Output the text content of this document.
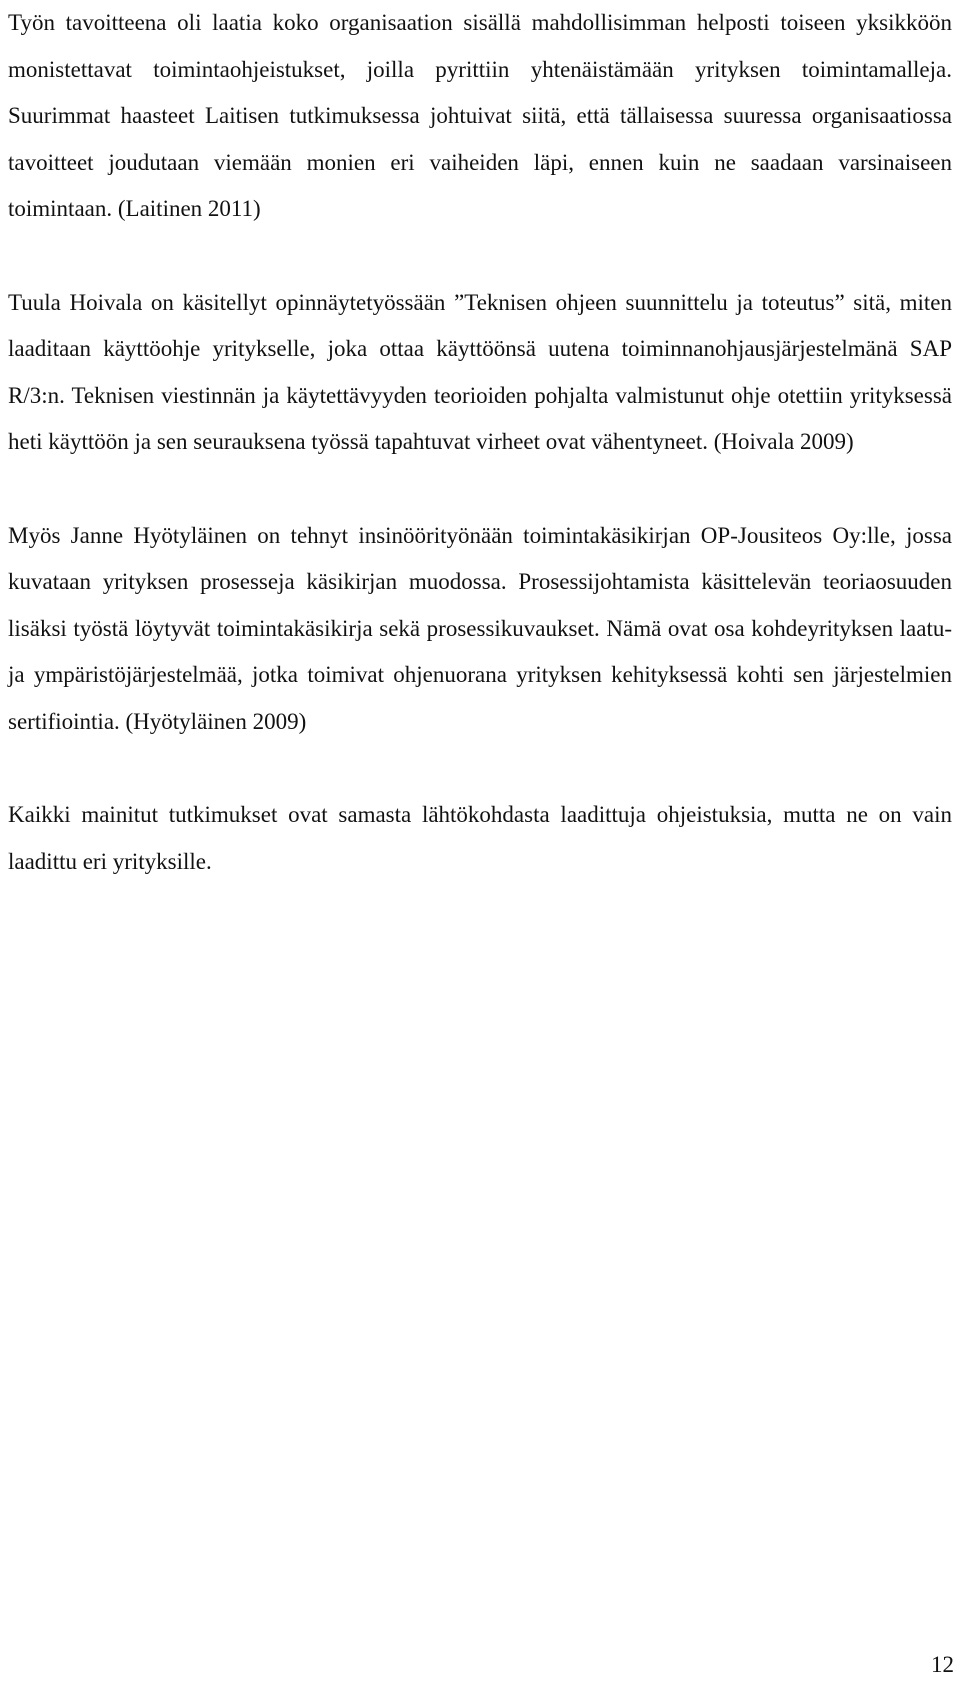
Työn tavoitteena oli laatia koko organisaation sisällä mahdollisimman helposti toiseen yksikköön monistettavat toimintaohjeistukset, joilla pyrittiin yhtenäistämään yrityksen toimintamalleja. Suurimmat haasteet Laitisen tutkimuksessa johtuivat siitä, että tällaisessa suuressa organisaatiossa tavoitteet joudutaan viemään monien eri vaiheiden läpi, ennen kuin ne saadaan varsinaiseen toimintaan. (Laitinen 2011)

Tuula Hoivala on käsitellyt opinnäytetyössään ”Teknisen ohjeen suunnittelu ja toteutus” sitä, miten laaditaan käyttöohje yritykselle, joka ottaa käyttöönsä uutena toiminnanohjausjärjestelmänä SAP R/3:n. Teknisen viestinnän ja käytettävyyden teorioiden pohjalta valmistunut ohje otettiin yrityksessä heti käyttöön ja sen seurauksena työssä tapahtuvat virheet ovat vähentyneet. (Hoivala 2009)

Myös Janne Hyötyläinen on tehnyt insinöörityönään toimintakäsikirjan OP-Jousiteos Oy:lle, jossa kuvataan yrityksen prosesseja käsikirjan muodossa. Prosessijohtamista käsittelevän teoriaosuuden lisäksi työstä löytyvät toimintakäsikirja sekä prosessikuvaukset. Nämä ovat osa kohdeyrityksen laatu- ja ympäristöjärjestelmää, jotka toimivat ohjenuorana yrityksen kehityksessä kohti sen järjestelmien sertifiointia. (Hyötyläinen 2009)

Kaikki mainitut tutkimukset ovat samasta lähtökohdasta laadittuja ohjeistuksia, mutta ne on vain laadittu eri yrityksille.

12
